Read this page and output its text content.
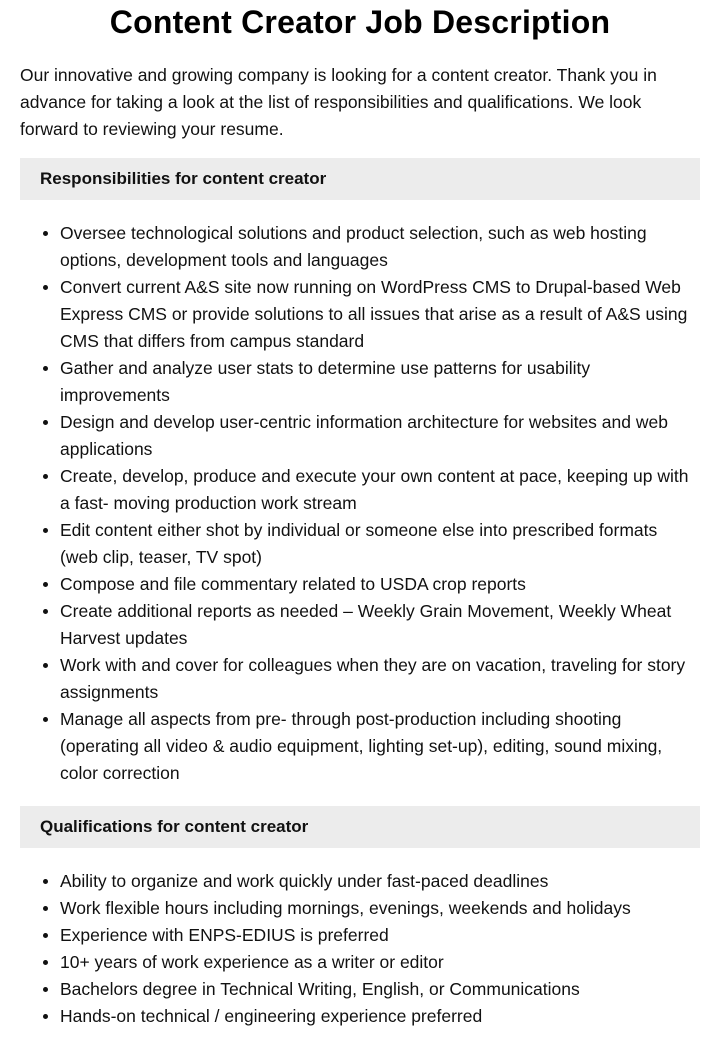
Content Creator Job Description

Our innovative and growing company is looking for a content creator. Thank you in advance for taking a look at the list of responsibilities and qualifications. We look forward to reviewing your resume.

Responsibilities for content creator
Oversee technological solutions and product selection, such as web hosting options, development tools and languages
Convert current A&S site now running on WordPress CMS to Drupal-based Web Express CMS or provide solutions to all issues that arise as a result of A&S using CMS that differs from campus standard
Gather and analyze user stats to determine use patterns for usability improvements
Design and develop user-centric information architecture for websites and web applications
Create, develop, produce and execute your own content at pace, keeping up with a fast- moving production work stream
Edit content either shot by individual or someone else into prescribed formats (web clip, teaser, TV spot)
Compose and file commentary related to USDA crop reports
Create additional reports as needed – Weekly Grain Movement, Weekly Wheat Harvest updates
Work with and cover for colleagues when they are on vacation, traveling for story assignments
Manage all aspects from pre- through post-production including shooting (operating all video & audio equipment, lighting set-up), editing, sound mixing, color correction
Qualifications for content creator
Ability to organize and work quickly under fast-paced deadlines
Work flexible hours including mornings, evenings, weekends and holidays
Experience with ENPS-EDIUS is preferred
10+ years of work experience as a writer or editor
Bachelors degree in Technical Writing, English, or Communications
Hands-on technical / engineering experience preferred
